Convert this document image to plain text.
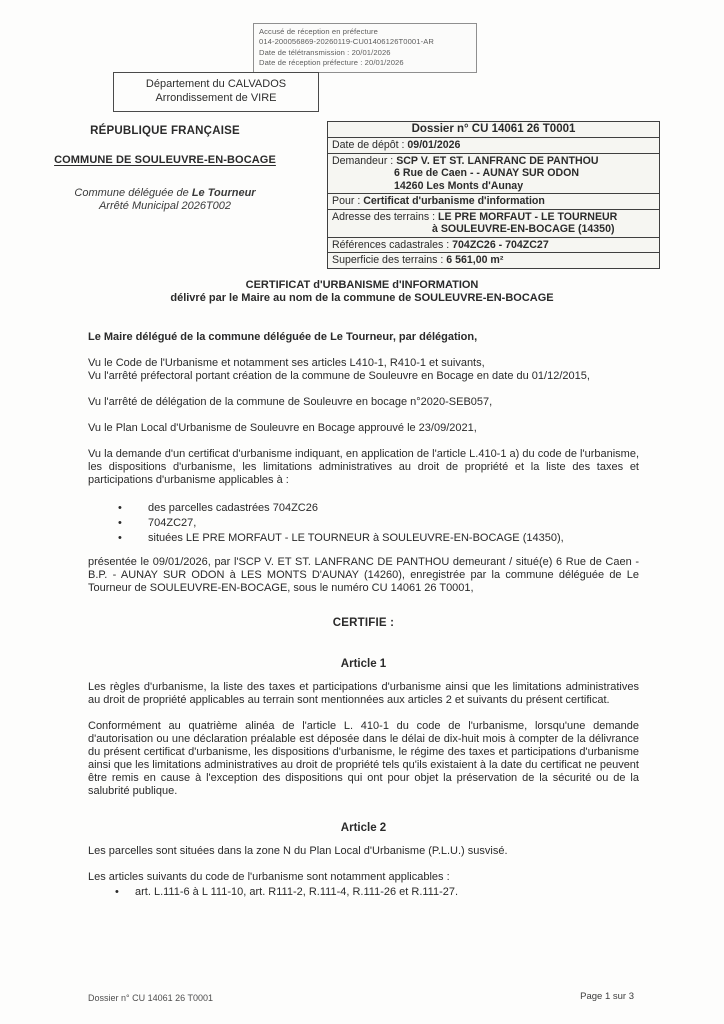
Accusé de réception en préfecture
014-200056869-20260119-CU01406126T0001-AR
Date de télétransmission : 20/01/2026
Date de réception préfecture : 20/01/2026
Département du CALVADOS
Arrondissement de VIRE
RÉPUBLIQUE FRANÇAISE
COMMUNE DE SOULEUVRE-EN-BOCAGE
Commune déléguée de Le Tourneur
Arrêté Municipal 2026T002
Dossier n° CU 14061 26 T0001
Date de dépôt : 09/01/2026
Demandeur : SCP V. ET ST. LANFRANC DE PANTHOU
6 Rue de Caen - - AUNAY SUR ODON
14260 Les Monts d'Aunay
Pour : Certificat d'urbanisme d'information
Adresse des terrains : LE PRE MORFAUT - LE TOURNEUR
à SOULEUVRE-EN-BOCAGE (14350)
Références cadastrales : 704ZC26 - 704ZC27
Superficie des terrains : 6 561,00 m²
CERTIFICAT d'URBANISME d'INFORMATION
délivré par le Maire au nom de la commune de SOULEUVRE-EN-BOCAGE

Le Maire délégué de la commune déléguée de Le Tourneur, par délégation,

Vu le Code de l'Urbanisme et notamment ses articles L410-1, R410-1 et suivants,
Vu l'arrêté préfectoral portant création de la commune de Souleuvre en Bocage en date du 01/12/2015,

Vu l'arrêté de délégation de la commune de Souleuvre en bocage n°2020-SEB057,

Vu le Plan Local d'Urbanisme de Souleuvre en Bocage approuvé le 23/09/2021,

Vu la demande d'un certificat d'urbanisme indiquant, en application de l'article L.410-1 a) du code de l'urbanisme, les dispositions d'urbanisme, les limitations administratives au droit de propriété et la liste des taxes et participations d'urbanisme applicables à :

• des parcelles cadastrées 704ZC26
• 704ZC27,
• situées LE PRE MORFAUT - LE TOURNEUR à SOULEUVRE-EN-BOCAGE (14350),

présentée le 09/01/2026, par l'SCP V. ET ST. LANFRANC DE PANTHOU demeurant / situé(e) 6 Rue de Caen - B.P. - AUNAY SUR ODON à LES MONTS D'AUNAY (14260), enregistrée par la commune déléguée de Le Tourneur de SOULEUVRE-EN-BOCAGE, sous le numéro CU 14061 26 T0001,

CERTIFIE :
Article 1

Les règles d'urbanisme, la liste des taxes et participations d'urbanisme ainsi que les limitations administratives au droit de propriété applicables au terrain sont mentionnées aux articles 2 et suivants du présent certificat.

Conformément au quatrième alinéa de l'article L. 410-1 du code de l'urbanisme, lorsqu'une demande d'autorisation ou une déclaration préalable est déposée dans le délai de dix-huit mois à compter de la délivrance du présent certificat d'urbanisme, les dispositions d'urbanisme, le régime des taxes et participations d'urbanisme ainsi que les limitations administratives au droit de propriété tels qu'ils existaient à la date du certificat ne peuvent être remis en cause à l'exception des dispositions qui ont pour objet la préservation de la sécurité ou de la salubrité publique.

Article 2

Les parcelles sont situées dans la zone N du Plan Local d'Urbanisme (P.L.U.) susvisé.

Les articles suivants du code de l'urbanisme sont notamment applicables :

• art. L.111-6 à L 111-10, art. R111-2, R.111-4, R.111-26 et R.111-27.
Dossier n° CU 14061 26 T0001	Page 1 sur 3
